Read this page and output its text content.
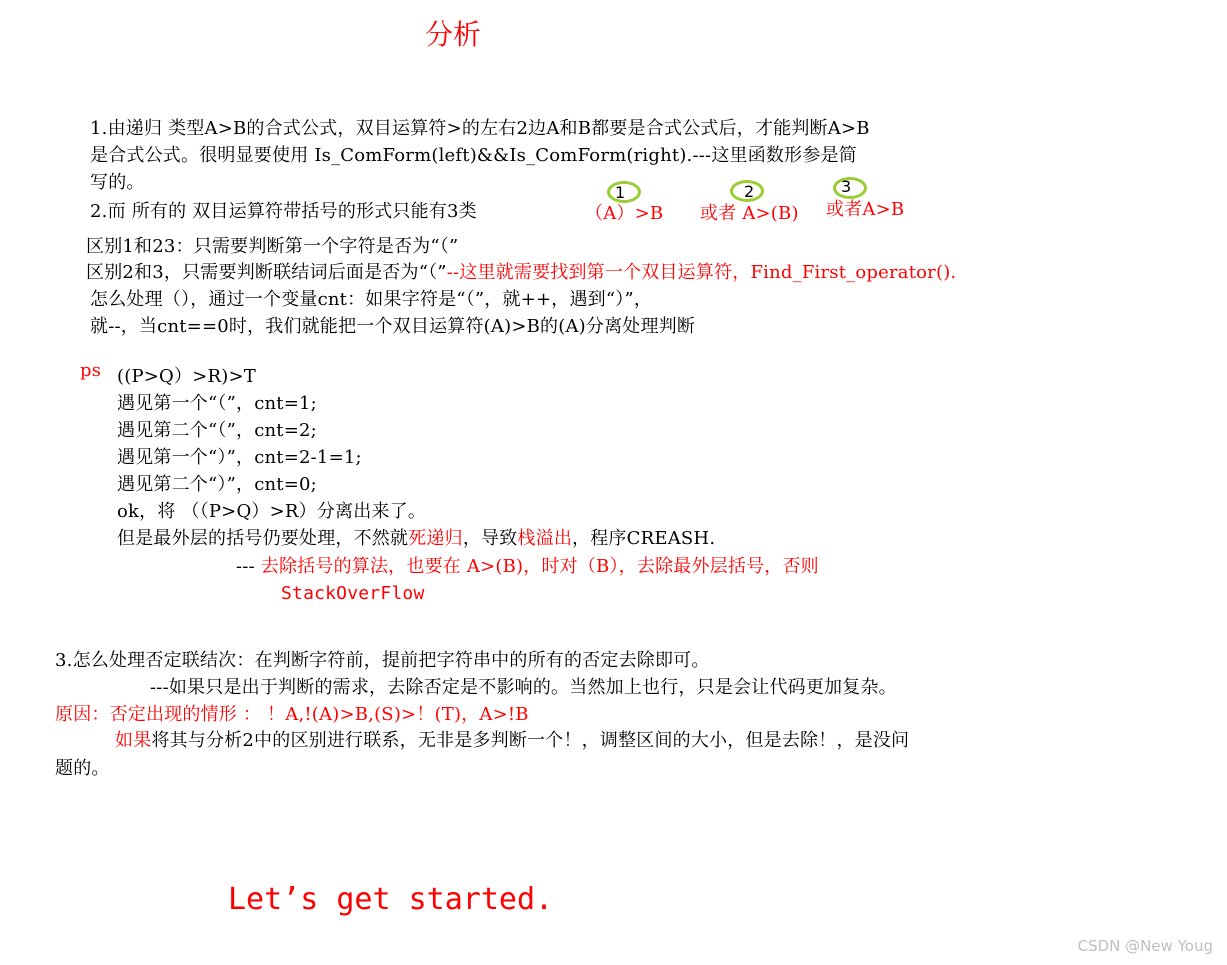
分析
1.由递归 类型A>B的合式公式，双目运算符>的左右2边A和B都要是合式公式后，才能判断A>B
是合式公式。很明显要使用 Is_ComForm(left)&&Is_ComForm(right).---这里函数形参是简
写的。
2.而 所有的 双目运算符带括号的形式只能有3类	（A）>B 或者 A>(B) 或者A>B
1	2	3
区别1和23：只需要判断第一个字符是否为“（”
区别2和3，只需要判断联结词后面是否为“（”--这里就需要找到第一个双目运算符，Find_First_operator().
怎么处理（），通过一个变量cnt：如果字符是“（”，就++，遇到“）”，
就--，当cnt==0时，我们就能把一个双目运算符(A)>B的(A)分离处理判断
ps ((P>Q）>R)>T
遇见第一个“（”，cnt=1;
遇见第二个“（”，cnt=2;
遇见第一个“）”，cnt=2-1=1;
遇见第二个“）”，cnt=0;
ok，将 （（P>Q）>R）分离出来了。
但是最外层的括号仍要处理，不然就死递归，导致栈溢出，程序CREASH.
--- 去除括号的算法，也要在 A>(B)，时对（B），去除最外层括号，否则
StackOverFlow
3.怎么处理否定联结次：在判断字符前，提前把字符串中的所有的否定去除即可。
---如果只是出于判断的需求，去除否定是不影响的。当然加上也行，只是会让代码更加复杂。
原因：否定出现的情形 ： ！A,!(A)>B,(S)>！(T)，A>!B
如果将其与分析2中的区别进行联系，无非是多判断一个！，调整区间的大小，但是去除！，是没问
题的。
Let’s get started.
CSDN @New Youg
